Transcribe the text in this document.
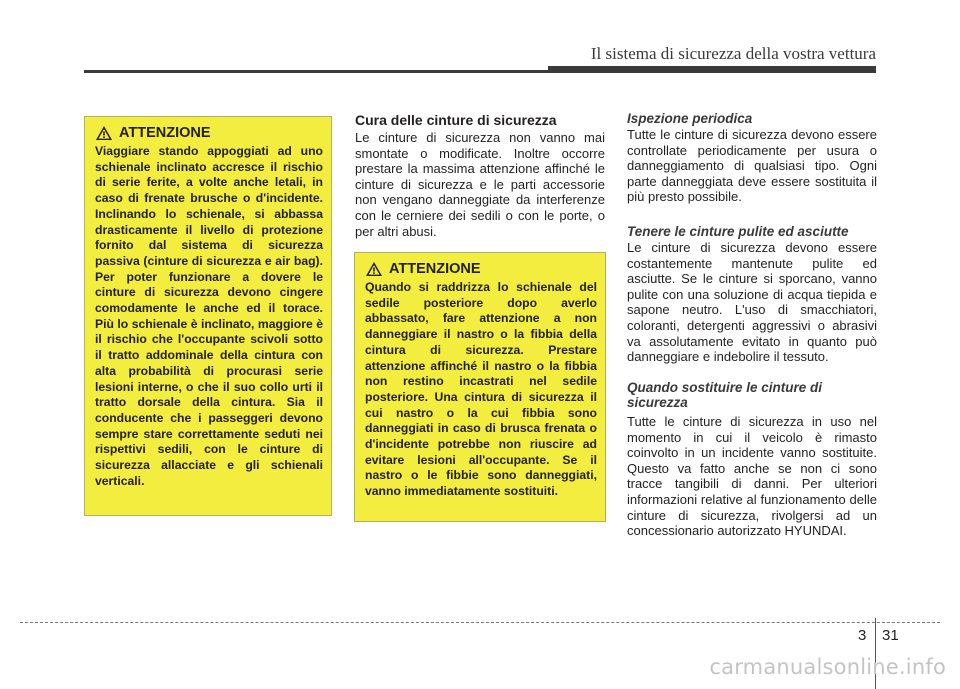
Il sistema di sicurezza della vostra vettura
ATTENZIONE
Viaggiare stando appoggiati ad uno schienale inclinato accresce il rischio di serie ferite, a volte anche letali, in caso di frenate brusche o d'incidente. Inclinando lo schienale, si abbassa drasticamente il livello di protezione fornito dal sistema di sicurezza passiva (cinture di sicurezza e air bag). Per poter funzionare a dovere le cinture di sicurezza devono cingere comodamente le anche ed il torace. Più lo schienale è inclinato, maggiore è il rischio che l'occupante scivoli sotto il tratto addominale della cintura con alta probabilità di procurasi serie lesioni interne, o che il suo collo urti il tratto dorsale della cintura. Sia il conducente che i passeggeri devono sempre stare correttamente seduti nei rispettivi sedili, con le cinture di sicurezza allacciate e gli schienali verticali.
Cura delle cinture di sicurezza
Le cinture di sicurezza non vanno mai smontate o modificate. Inoltre occorre prestare la massima attenzione affinché le cinture di sicurezza e le parti accessorie non vengano danneggiate da interferenze con le cerniere dei sedili o con le porte, o per altri abusi.
ATTENZIONE
Quando si raddrizza lo schienale del sedile posteriore dopo averlo abbassato, fare attenzione a non danneggiare il nastro o la fibbia della cintura di sicurezza. Prestare attenzione affinché il nastro o la fibbia non restino incastrati nel sedile posteriore. Una cintura di sicurezza il cui nastro o la cui fibbia sono danneggiati in caso di brusca frenata o d'incidente potrebbe non riuscire ad evitare lesioni all'occupante. Se il nastro o le fibbie sono danneggiati, vanno immediatamente sostituiti.
Ispezione periodica
Tutte le cinture di sicurezza devono essere controllate periodicamente per usura o danneggiamento di qualsiasi tipo. Ogni parte danneggiata deve essere sostituita il più presto possibile.
Tenere le cinture pulite ed asciutte
Le cinture di sicurezza devono essere costantemente mantenute pulite ed asciutte. Se le cinture si sporcano, vanno pulite con una soluzione di acqua tiepida e sapone neutro. L'uso di smacchiatori, coloranti, detergenti aggressivi o abrasivi va assolutamente evitato in quanto può danneggiare e indebolire il tessuto.
Quando sostituire le cinture di sicurezza
Tutte le cinture di sicurezza in uso nel momento in cui il veicolo è rimasto coinvolto in un incidente vanno sostituite. Questo va fatto anche se non ci sono tracce tangibili di danni. Per ulteriori informazioni relative al funzionamento delle cinture di sicurezza, rivolgersi ad un concessionario autorizzato HYUNDAI.
3 31
carmanualsonline.info
